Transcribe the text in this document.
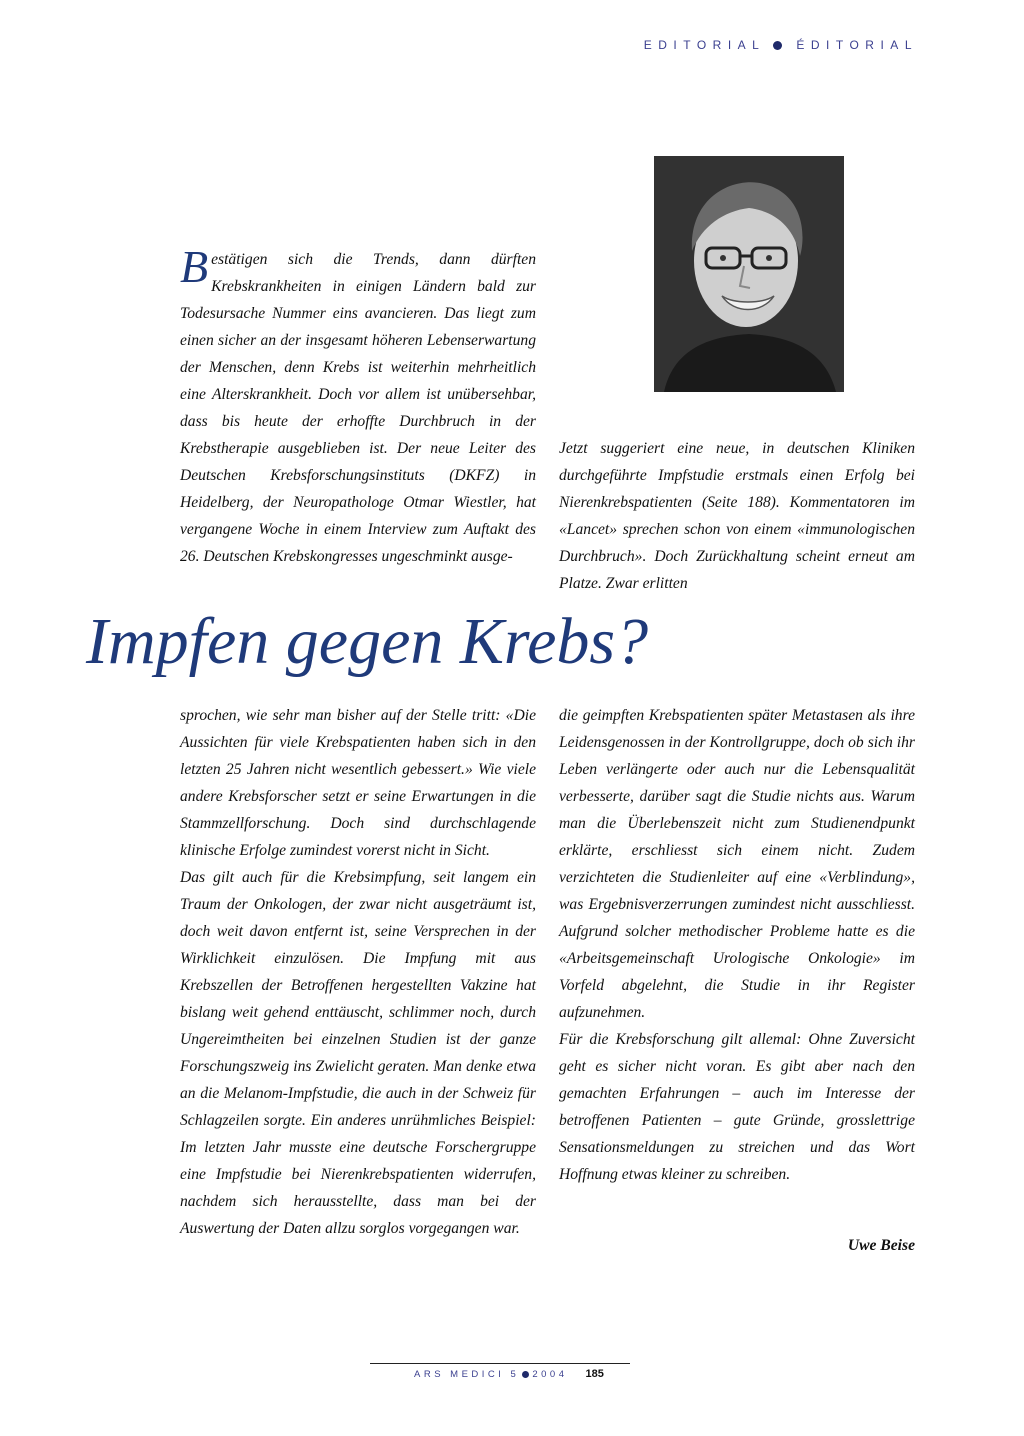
EDITORIAL	ÉDITORIAL

Bestätigen sich die Trends, dann dürften Krebskrankheiten in einigen Ländern bald zur Todesursache Nummer eins avancieren. Das liegt zum einen sicher an der insgesamt höheren Lebenserwartung der Menschen, denn Krebs ist weiterhin mehrheitlich eine Alterskrankheit. Doch vor allem ist unübersehbar, dass bis heute der erhoffte Durchbruch in der Krebstherapie ausgeblieben ist. Der neue Leiter des Deutschen Krebsforschungsinstituts (DKFZ) in Heidelberg, der Neuropathologe Otmar Wiestler, hat vergangene Woche in einem Interview zum Auftakt des 26. Deutschen Krebskongresses ungeschminkt ausge-

Jetzt suggeriert eine neue, in deutschen Kliniken durchgeführte Impfstudie erstmals einen Erfolg bei Nierenkrebspatienten (Seite 188). Kommentatoren im «Lancet» sprechen schon von einem «immunologischen Durchbruch». Doch Zurückhaltung scheint erneut am Platze. Zwar erlitten

Impfen gegen Krebs?

sprochen, wie sehr man bisher auf der Stelle tritt: «Die Aussichten für viele Krebspatienten haben sich in den letzten 25 Jahren nicht wesentlich gebessert.» Wie viele andere Krebsforscher setzt er seine Erwartungen in die Stammzellforschung. Doch sind durchschlagende klinische Erfolge zumindest vorerst nicht in Sicht.

Das gilt auch für die Krebsimpfung, seit langem ein Traum der Onkologen, der zwar nicht ausgeträumt ist, doch weit davon entfernt ist, seine Versprechen in der Wirklichkeit einzulösen. Die Impfung mit aus Krebszellen der Betroffenen hergestellten Vakzine hat bislang weit gehend enttäuscht, schlimmer noch, durch Ungereimtheiten bei einzelnen Studien ist der ganze Forschungszweig ins Zwielicht geraten. Man denke etwa an die Melanom-Impfstudie, die auch in der Schweiz für Schlagzeilen sorgte. Ein anderes unrühmliches Beispiel: Im letzten Jahr musste eine deutsche Forschergruppe eine Impfstudie bei Nierenkrebspatienten widerrufen, nachdem sich herausstellte, dass man bei der Auswertung der Daten allzu sorglos vorgegangen war.

die geimpften Krebspatienten später Metastasen als ihre Leidensgenossen in der Kontrollgruppe, doch ob sich ihr Leben verlängerte oder auch nur die Lebensqualität verbesserte, darüber sagt die Studie nichts aus. Warum man die Überlebenszeit nicht zum Studienendpunkt erklärte, erschliesst sich einem nicht. Zudem verzichteten die Studienleiter auf eine «Verblindung», was Ergebnisverzerrungen zumindest nicht ausschliesst. Aufgrund solcher methodischer Probleme hatte es die «Arbeitsgemeinschaft Urologische Onkologie» im Vorfeld abgelehnt, die Studie in ihr Register aufzunehmen.

Für die Krebsforschung gilt allemal: Ohne Zuversicht geht es sicher nicht voran. Es gibt aber nach den gemachten Erfahrungen – auch im Interesse der betroffenen Patienten – gute Gründe, grosslettrige Sensationsmeldungen zu streichen und das Wort Hoffnung etwas kleiner zu schreiben.

Uwe Beise
ARS MEDICI 5 2004 185
